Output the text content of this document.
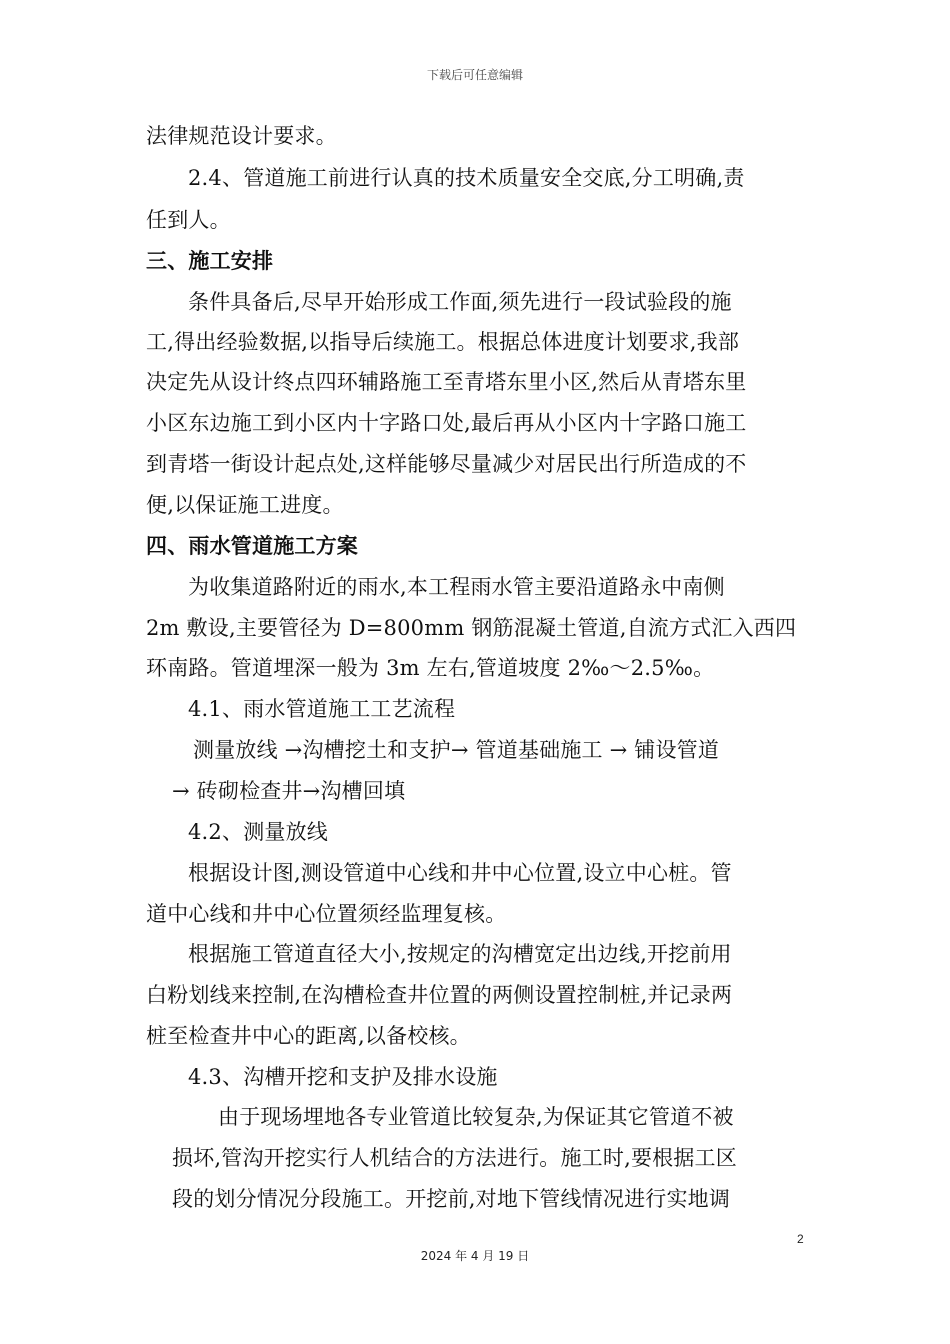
下载后可任意编辑
法律规范设计要求。
2.4、管道施工前进行认真的技术质量安全交底,分工明确,责
任到人。
三、施工安排
条件具备后,尽早开始形成工作面,须先进行一段试验段的施
工,得出经验数据,以指导后续施工。根据总体进度计划要求,我部
决定先从设计终点四环辅路施工至青塔东里小区,然后从青塔东里
小区东边施工到小区内十字路口处,最后再从小区内十字路口施工
到青塔一街设计起点处,这样能够尽量减少对居民出行所造成的不
便,以保证施工进度。
四、雨水管道施工方案
为收集道路附近的雨水,本工程雨水管主要沿道路永中南侧
2m 敷设,主要管径为 D=800mm 钢筋混凝土管道,自流方式汇入西四
环南路。管道埋深一般为 3m 左右,管道坡度 2‰～2.5‰。
4.1、雨水管道施工工艺流程
测量放线 →沟槽挖土和支护→ 管道基础施工 → 铺设管道
→ 砖砌检查井→沟槽回填
4.2、测量放线
根据设计图,测设管道中心线和井中心位置,设立中心桩。管
道中心线和井中心位置须经监理复核。
根据施工管道直径大小,按规定的沟槽宽定出边线,开挖前用
白粉划线来控制,在沟槽检查井位置的两侧设置控制桩,并记录两
桩至检查井中心的距离,以备校核。
4.3、沟槽开挖和支护及排水设施
由于现场埋地各专业管道比较复杂,为保证其它管道不被
损坏,管沟开挖实行人机结合的方法进行。施工时,要根据工区
段的划分情况分段施工。开挖前,对地下管线情况进行实地调
2
2024 年 4 月 19 日
